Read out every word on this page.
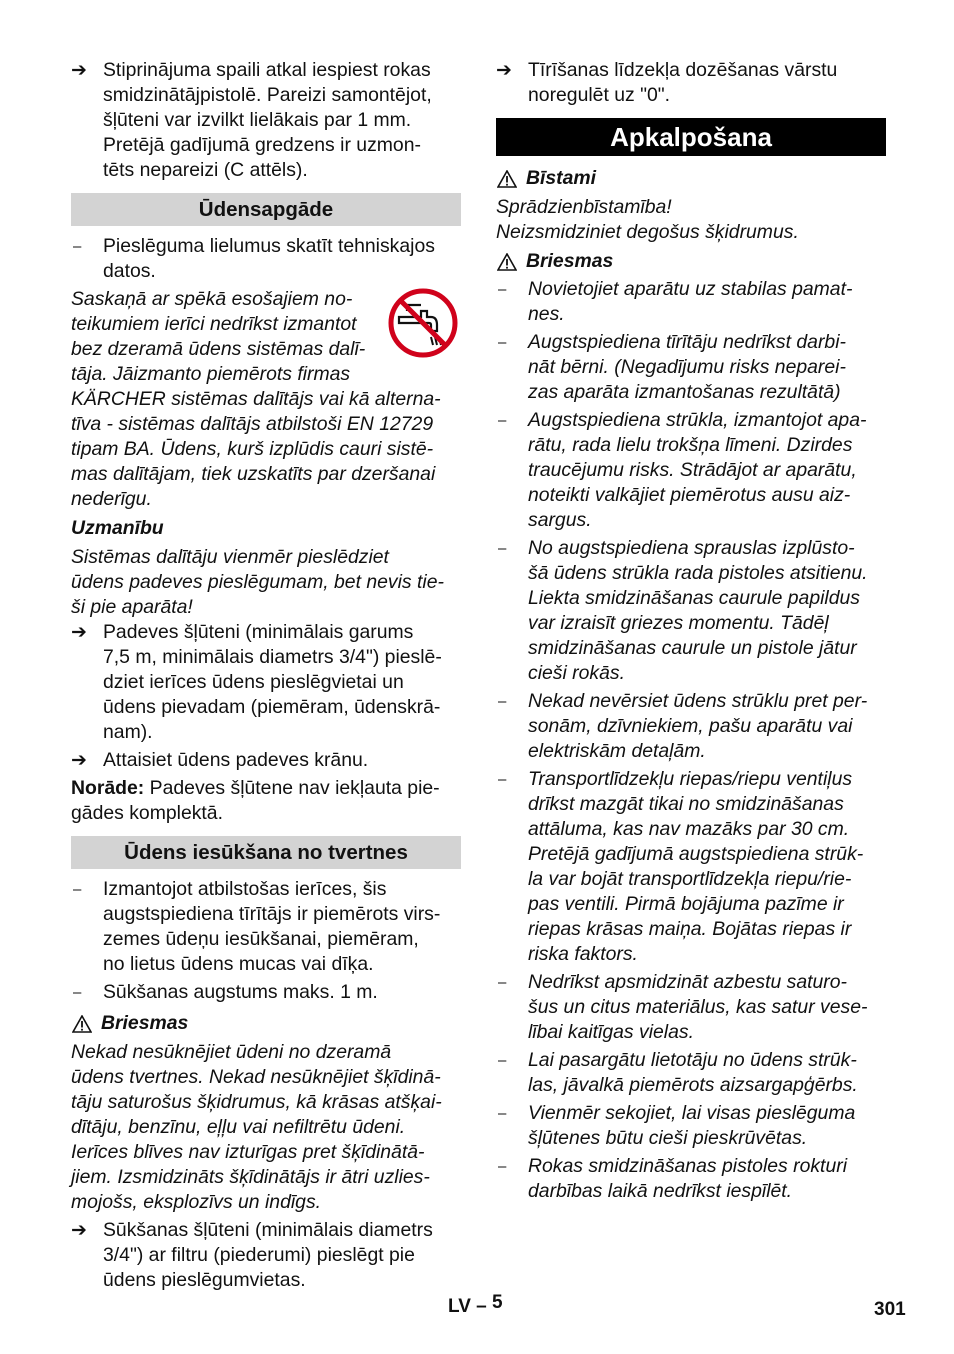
➔ Stiprinājuma spaili atkal iespiest rokas
smidzinātājpistolē. Pareizi samontējot,
šļūteni var izvilkt lielākais par 1 mm.
Pretējā gadījumā gredzens ir uzmon-
tēts nepareizi (C attēls).
Ūdensapgāde
– Pieslēguma lielumus skatīt tehniskajos
datos.
Saskaņā ar spēkā esošajiem no-
teikumiem ierīci nedrīkst izmantot
bez dzeramā ūdens sistēmas dalī-
tāja. Jāizmanto piemērots firmas
KÄRCHER sistēmas dalītājs vai kā alterna-
tīva - sistēmas dalītājs atbilstoši EN 12729
tipam BA. Ūdens, kurš izplūdis cauri sistē-
mas dalītājam, tiek uzskatīts par dzeršanai
nederīgu.
Uzmanību
Sistēmas dalītāju vienmēr pieslēdziet
ūdens padeves pieslēgumam, bet nevis tie-
ši pie aparāta!
➔ Padeves šļūteni (minimālais garums
7,5 m, minimālais diametrs 3/4") pieslē-
dziet ierīces ūdens pieslēgvietai un
ūdens pievadam (piemēram, ūdenskrā-
nam).
➔ Attaisiet ūdens padeves krānu.
Norāde: Padeves šļūtene nav iekļauta pie-
gādes komplektā.
Ūdens iesūkšana no tvertnes
– Izmantojot atbilstošas ierīces, šis
augstspiediena tīrītājs ir piemērots virs-
zemes ūdeņu iesūkšanai, piemēram,
no lietus ūdens mucas vai dīķa.
– Sūkšanas augstums maks. 1 m.
Briesmas
Nekad nesūknējiet ūdeni no dzeramā
ūdens tvertnes. Nekad nesūknējiet šķīdinā-
tāju saturošus šķidrumus, kā krāsas atšķai-
dītāju, benzīnu, eļļu vai nefiltrētu ūdeni.
Ierīces blīves nav izturīgas pret šķīdinātā-
jiem. Izsmidzināts šķīdinātājs ir ātri uzlies-
mojošs, eksplozīvs un indīgs.
➔ Sūkšanas šļūteni (minimālais diametrs
3/4") ar filtru (piederumi) pieslēgt pie
ūdens pieslēgumvietas.
➔ Tīrīšanas līdzekļa dozēšanas vārstu
noregulēt uz "0".
Apkalpošana
Bīstami
Sprādzienbīstamība!
Neizsmidziniet degošus šķidrumus.
Briesmas
– Novietojiet aparātu uz stabilas pamat-
nes.
– Augstspiediena tīrītāju nedrīkst darbi-
nāt bērni. (Negadījumu risks neparei-
zas aparāta izmantošanas rezultātā)
– Augstspiediena strūkla, izmantojot apa-
rātu, rada lielu trokšņa līmeni. Dzirdes
traucējumu risks. Strādājot ar aparātu,
noteikti valkājiet piemērotus ausu aiz-
sargus.
– No augstspiediena sprauslas izplūsto-
šā ūdens strūkla rada pistoles atsitienu.
Liekta smidzināšanas caurule papildus
var izraisīt griezes momentu. Tādēļ
smidzināšanas caurule un pistole jātur
cieši rokās.
– Nekad nevērsiet ūdens strūklu pret per-
sonām, dzīvniekiem, pašu aparātu vai
elektriskām detaļām.
– Transportlīdzekļu riepas/riepu ventiļus
drīkst mazgāt tikai no smidzināšanas
attāluma, kas nav mazāks par 30 cm.
Pretējā gadījumā augstspiediena strūk-
la var bojāt transportlīdzekļa riepu/rie-
pas ventili. Pirmā bojājuma pazīme ir
riepas krāsas maiņa. Bojātas riepas ir
riska faktors.
– Nedrīkst apsmidzināt azbestu saturo-
šus un citus materiālus, kas satur vese-
lībai kaitīgas vielas.
– Lai pasargātu lietotāju no ūdens strūk-
las, jāvalkā piemērots aizsargapģērbs.
– Vienmēr sekojiet, lai visas pieslēguma
šļūtenes būtu cieši pieskrūvētas.
– Rokas smidzināšanas pistoles rokturi
darbības laikā nedrīkst iespīlēt.
LV – 5	301
